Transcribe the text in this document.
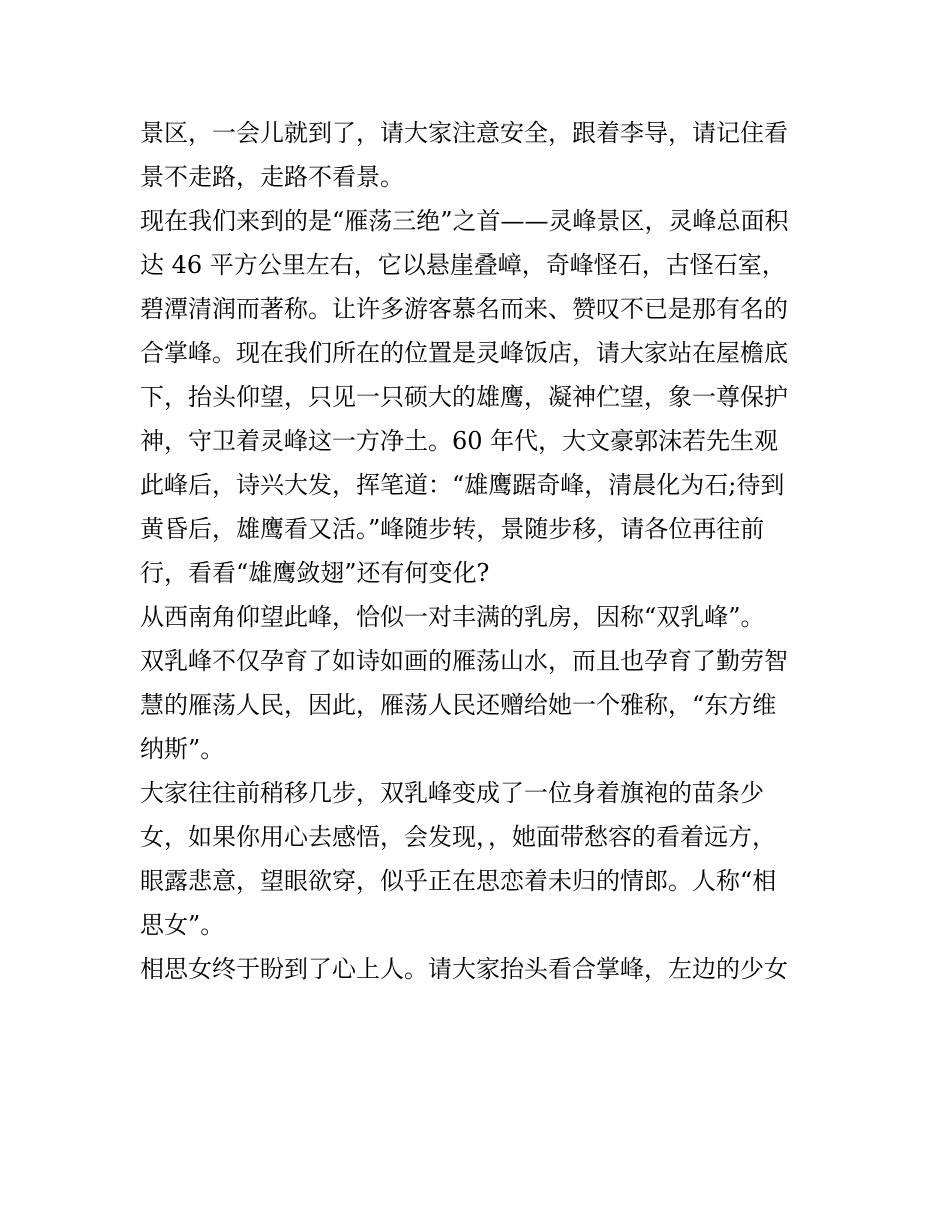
景区，一会儿就到了，请大家注意安全，跟着李导，请记住看
景不走路，走路不看景。
现在我们来到的是“雁荡三绝”之首——灵峰景区，灵峰总面积
达 46 平方公里左右，它以悬崖叠嶂，奇峰怪石，古怪石室，
碧潭清润而著称。让许多游客慕名而来、赞叹不已是那有名的
合掌峰。现在我们所在的位置是灵峰饭店，请大家站在屋檐底
下，抬头仰望，只见一只硕大的雄鹰，凝神伫望，象一尊保护
神，守卫着灵峰这一方净土。60 年代，大文豪郭沫若先生观
此峰后，诗兴大发，挥笔道：“雄鹰踞奇峰，清晨化为石;待到
黄昏后，雄鹰看又活。”峰随步转，景随步移，请各位再往前
行，看看“雄鹰敛翅”还有何变化?
从西南角仰望此峰，恰似一对丰满的乳房，因称“双乳峰”。
双乳峰不仅孕育了如诗如画的雁荡山水，而且也孕育了勤劳智
慧的雁荡人民，因此，雁荡人民还赠给她一个雅称，“东方维
纳斯”。
大家往往前稍移几步，双乳峰变成了一位身着旗袍的苗条少
女，如果你用心去感悟，会发现，，她面带愁容的看着远方，
眼露悲意，望眼欲穿，似乎正在思恋着未归的情郎。人称“相
思女”。
相思女终于盼到了心上人。请大家抬头看合掌峰，左边的少女
